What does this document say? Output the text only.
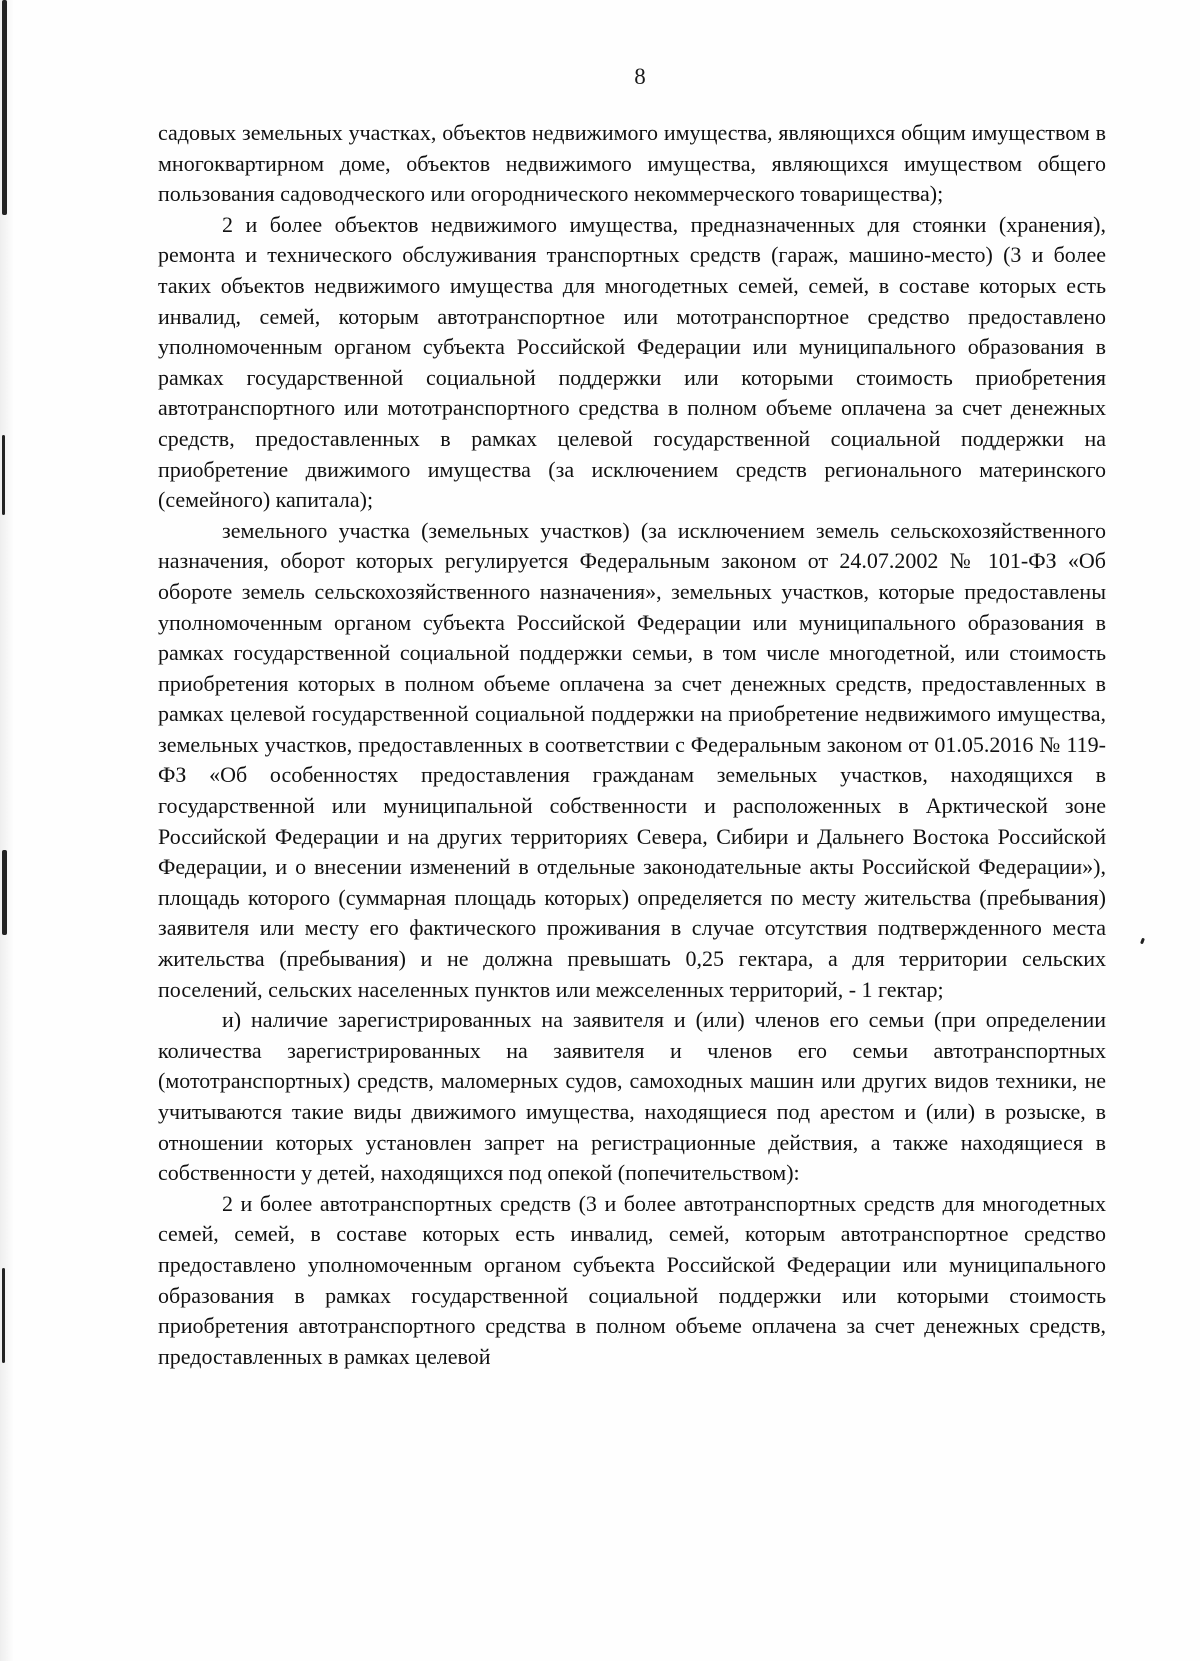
8

садовых земельных участках, объектов недвижимого имущества, являющихся общим имуществом в многоквартирном доме, объектов недвижимого имущества, являющихся имуществом общего пользования садоводческого или огороднического некоммерческого товарищества);

2 и более объектов недвижимого имущества, предназначенных для стоянки (хранения), ремонта и технического обслуживания транспортных средств (гараж, машино-место) (3 и более таких объектов недвижимого имущества для многодетных семей, семей, в составе которых есть инвалид, семей, которым автотранспортное или мототранспортное средство предоставлено уполномоченным органом субъекта Российской Федерации или муниципального образования в рамках государственной социальной поддержки или которыми стоимость приобретения автотранспортного или мототранспортного средства в полном объеме оплачена за счет денежных средств, предоставленных в рамках целевой государственной социальной поддержки на приобретение движимого имущества (за исключением средств регионального материнского (семейного) капитала);

земельного участка (земельных участков) (за исключением земель сельскохозяйственного назначения, оборот которых регулируется Федеральным законом от 24.07.2002 № 101-ФЗ «Об обороте земель сельскохозяйственного назначения», земельных участков, которые предоставлены уполномоченным органом субъекта Российской Федерации или муниципального образования в рамках государственной социальной поддержки семьи, в том числе многодетной, или стоимость приобретения которых в полном объеме оплачена за счет денежных средств, предоставленных в рамках целевой государственной социальной поддержки на приобретение недвижимого имущества, земельных участков, предоставленных в соответствии с Федеральным законом от 01.05.2016 № 119-ФЗ «Об особенностях предоставления гражданам земельных участков, находящихся в государственной или муниципальной собственности и расположенных в Арктической зоне Российской Федерации и на других территориях Севера, Сибири и Дальнего Востока Российской Федерации, и о внесении изменений в отдельные законодательные акты Российской Федерации»), площадь которого (суммарная площадь которых) определяется по месту жительства (пребывания) заявителя или месту его фактического проживания в случае отсутствия подтвержденного места жительства (пребывания) и не должна превышать 0,25 гектара, а для территории сельских поселений, сельских населенных пунктов или межселенных территорий, - 1 гектар;

и) наличие зарегистрированных на заявителя и (или) членов его семьи (при определении количества зарегистрированных на заявителя и членов его семьи автотранспортных (мототранспортных) средств, маломерных судов, самоходных машин или других видов техники, не учитываются такие виды движимого имущества, находящиеся под арестом и (или) в розыске, в отношении которых установлен запрет на регистрационные действия, а также находящиеся в собственности у детей, находящихся под опекой (попечительством):

2 и более автотранспортных средств (3 и более автотранспортных средств для многодетных семей, семей, в составе которых есть инвалид, семей, которым автотранспортное средство предоставлено уполномоченным органом субъекта Российской Федерации или муниципального образования в рамках государственной социальной поддержки или которыми стоимость приобретения автотранспортного средства в полном объеме оплачена за счет денежных средств, предоставленных в рамках целевой
